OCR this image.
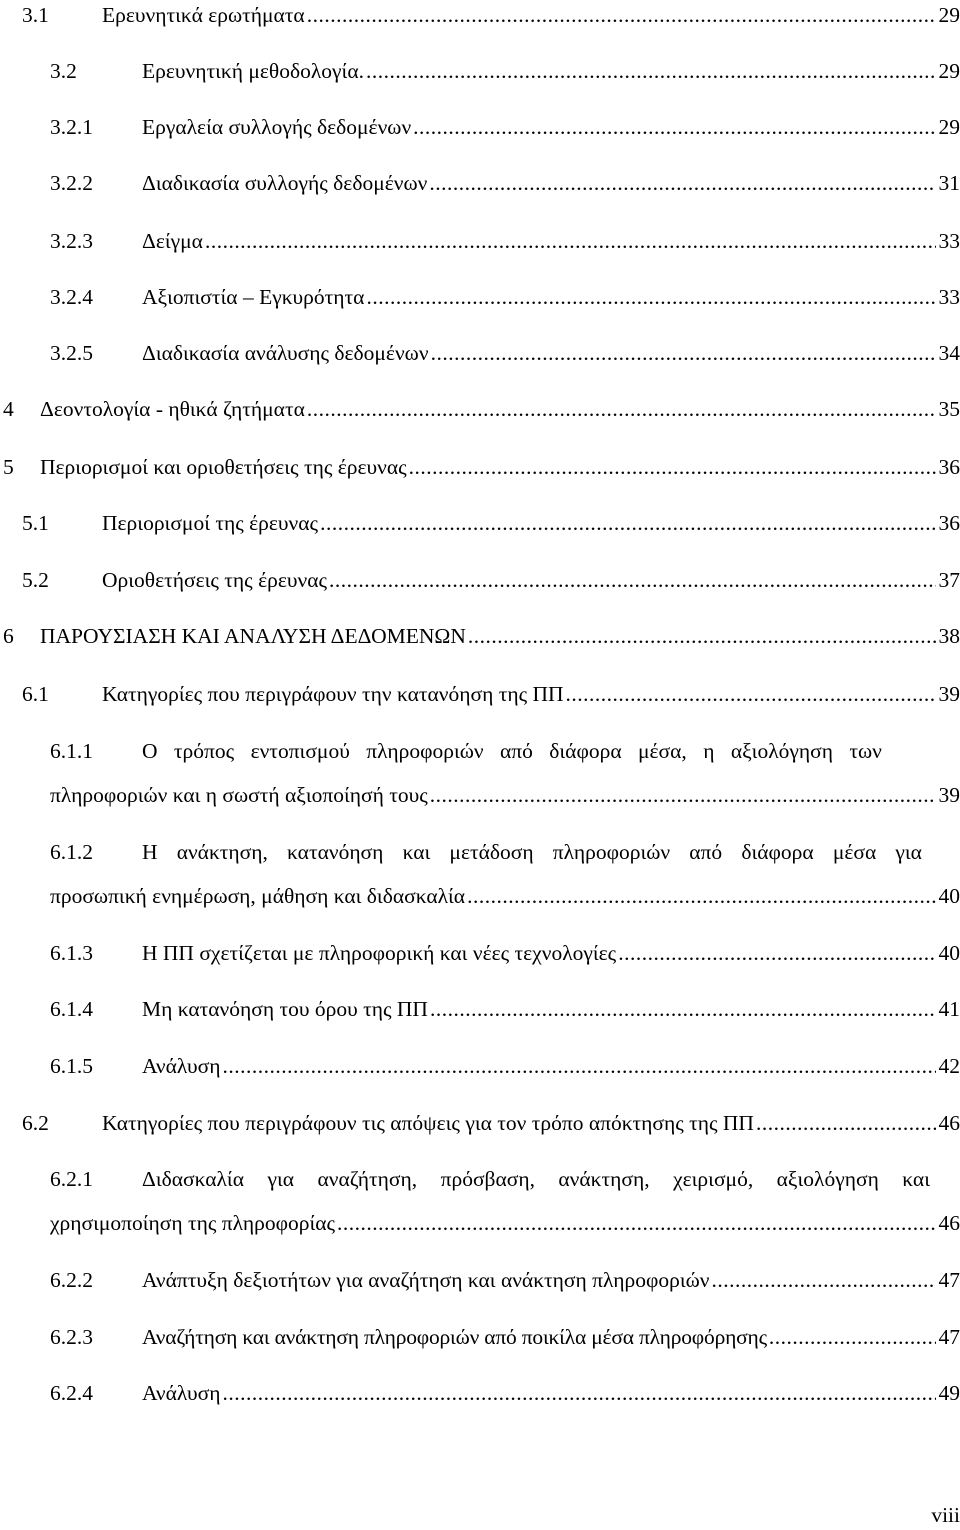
3.1	Ερευνητικά ερωτήματα .....	29
3.2	Ερευνητική μεθοδολογία. .....	29
3.2.1	Εργαλεία συλλογής δεδομένων .....	29
3.2.2	Διαδικασία συλλογής δεδομένων .....	31
3.2.3	Δείγμα .....	33
3.2.4	Αξιοπιστία – Εγκυρότητα .....	33
3.2.5	Διαδικασία ανάλυσης δεδομένων .....	34
4	Δεοντολογία - ηθικά ζητήματα .....	35
5	Περιορισμοί και οριοθετήσεις της έρευνας .....	36
5.1	Περιορισμοί της έρευνας .....	36
5.2	Οριοθετήσεις της έρευνας .....	37
6	ΠΑΡΟΥΣΙΑΣΗ ΚΑΙ ΑΝΑΛΥΣΗ ΔΕΔΟΜΕΝΩΝ .....	38
6.1	Κατηγορίες που περιγράφουν την κατανόηση της ΠΠ .....	39
6.1.1	Ο τρόπος εντοπισμού πληροφοριών από διάφορα μέσα, η αξιολόγηση των
πληροφοριών και η σωστή αξιοποίησή τους .....	39
6.1.2	Η ανάκτηση, κατανόηση και μετάδοση πληροφοριών από διάφορα μέσα για
προσωπική ενημέρωση, μάθηση και διδασκαλία .....	40
6.1.3	Η ΠΠ σχετίζεται με πληροφορική και νέες τεχνολογίες .....	40
6.1.4	Μη κατανόηση του όρου της ΠΠ .....	41
6.1.5	Ανάλυση .....	42
6.2	Κατηγορίες που περιγράφουν τις απόψεις για τον τρόπο απόκτησης της ΠΠ .....	46
6.2.1	Διδασκαλία για αναζήτηση, πρόσβαση, ανάκτηση, χειρισμό, αξιολόγηση και
χρησιμοποίηση της πληροφορίας .....	46
6.2.2	Ανάπτυξη δεξιοτήτων για αναζήτηση και ανάκτηση πληροφοριών .....	47
6.2.3	Αναζήτηση και ανάκτηση πληροφοριών από ποικίλα μέσα πληροφόρησης .....	47
6.2.4	Ανάλυση .....	49
viii
